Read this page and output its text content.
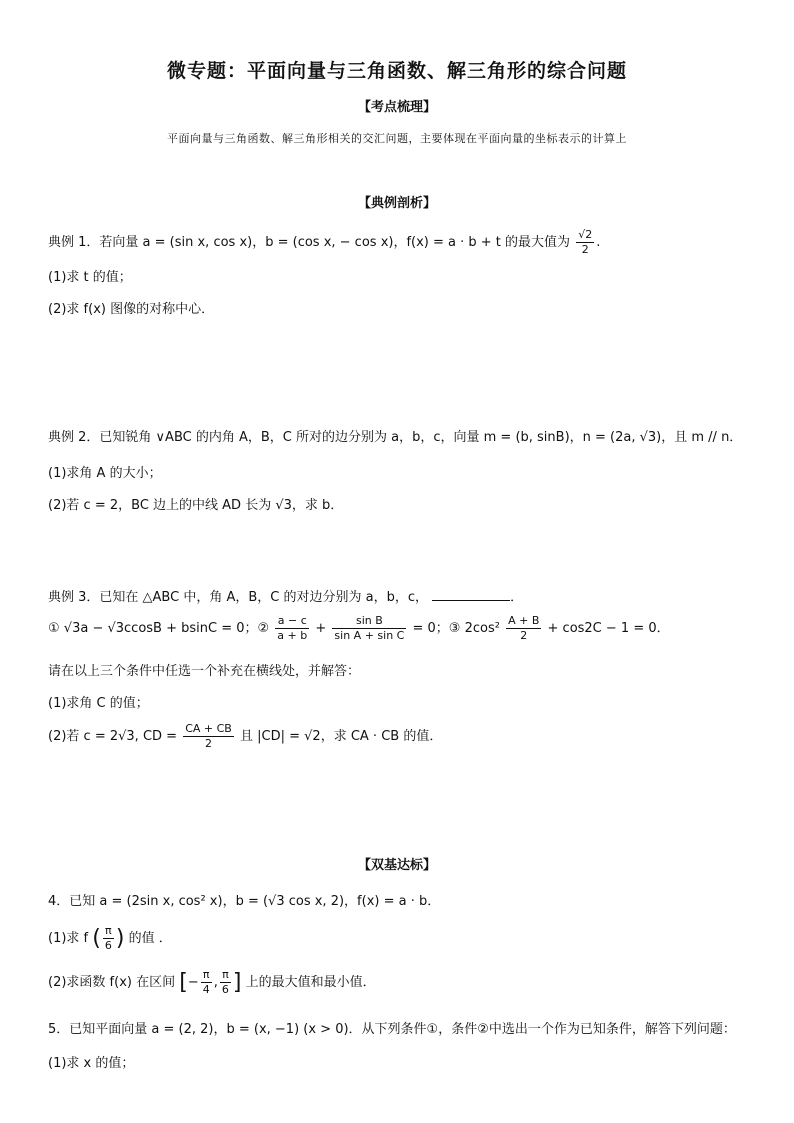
微专题：平面向量与三角函数、解三角形的综合问题
【考点梳理】
平面向量与三角函数、解三角形相关的交汇问题，主要体现在平面向量的坐标表示的计算上
【典例剖析】
典例 1．若向量 a = (sin x, cos x)，b = (cos x, − cos x)，f(x) = a · b + t 的最大值为 $\frac{√2}{2}$ .
(1)求 t 的值；
(2)求 f(x) 图像的对称中心．
典例 2．已知锐角 ∨ABC 的内角 A，B，C 所对的边分别为 a，b，c，向量 m = (b, sinB)，n = (2a, √3)，且 m // n．
(1)求角 A 的大小；
(2)若 c = 2，BC 边上的中线 AD 长为 √3，求 b．
典例 3．已知在 △ABC 中，角 A，B，C 的对边分别为 a，b，c，	．
① √3a − √3ccosB + bsinC = 0；② $\frac{a - c}{a + b} + \frac{\text{sin B}}{\text{sin A + sin C}} = 0$；③ $2\cos^2 \frac{A + B}{2} + \cos 2C - 1 = 0$．
请在以上三个条件中任选一个补充在横线处，并解答：
(1)求角 C 的值；
(2)若 c = 2√3, CD = $\frac{CA + CB}{2}$ 且 |CD| = √2，求 CA · CB 的值．
【双基达标】
4．已知 a = (2sin x, cos² x)，b = (√3 cos x, 2)，f(x) = a · b．
(1)求 f ( $\frac{\pi}{6}$ ) 的值 ．
(2)求函数 f(x) 在区间 [− $\frac{\pi}{4}$ , $\frac{\pi}{6}$ ] 上的最大值和最小值．
5．已知平面向量 a = (2, 2)，b = (x, −1) (x > 0)．从下列条件①，条件②中选出一个作为已知条件，解答下列问题：
(1)求 x 的值；
